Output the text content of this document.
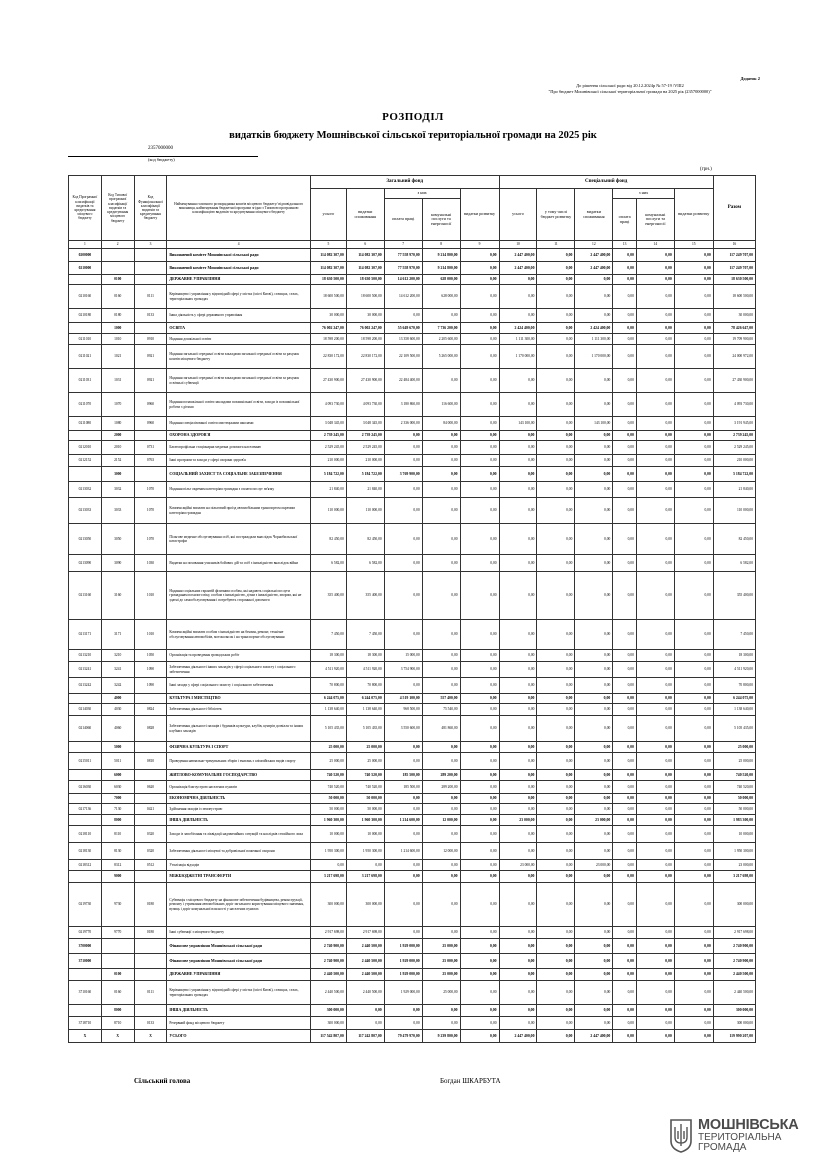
Додаток 2
До рішення сільської ради від 20.12.2024р № 57-19 /VIII2
"Про бюджет Мошнівської сільської територіальної громади на 2025 рік (2357000000)"
РОЗПОДІЛ
видатків бюджету Мошнівської сільської територіальної громади на 2025 рік
2357000000
(код бюджету)
(грн.)
Код Програмної класифікації видатків та кредитування місцевого бюджету	Код Типової програмної класифікації видатків та кредитування місцевого бюджету	Код Функціональної класифікації видатків та кредитування бюджету	Найменування головного розпорядника коштів місцевого бюджету/ відповідального виконавця, найменування бюджетної програми згідно з Типовою програмною класифікацією видатків та кредитування місцевого бюджету	Загальний фонд					Спеціальний фонд						Разом
				усього	видатки споживання	з них		видатки розвитку	усього	у тому числі бюджет розвитку	видатки споживання	з них		видатки розвитку	
						оплата праці	комунальні послуги та енергоносії					оплата праці	комунальні послуги та енергоносії		
1	2	3	4	5	6	7	8	9	10	11	12	13	14	15	16
0200000			Виконавчий комітет Мошнівської сільської ради	114 082 307,00	114 082 307,00	77 558 970,00	9 214 800,00	0,00	2 447 400,00	0,00	2 447 400,00	0,00	0,00	0,00	117 249 707,00
0210000			Виконавчий комітет Мошнівської сільської ради	114 082 307,00	114 082 307,00	77 558 970,00	9 214 800,00	0,00	2 447 400,00	0,00	2 447 400,00	0,00	0,00	0,00	117 249 707,00
	0100		ДЕРЖАВНЕ УПРАВЛІННЯ	18 630 500,00	18 630 500,00	14 612 200,00	628 000,00	0,00	0,00	0,00	0,00	0,00	0,00	0,00	18 630 500,00
0210160	0160	0111	Керівництво і управління у відповідній сфері у містах (місті Києві), селищах, селах, територіальних громадах	18 600 500,00	18 600 500,00	14 612 200,00	628 000,00	0,00	0,00	0,00	0,00	0,00	0,00	0,00	18 600 500,00
0210180	0180	0133	Інша діяльність у сфері державного управління	30 000,00	30 000,00	0,00	0,00	0,00	0,00	0,00	0,00	0,00	0,00	0,00	30 000,00
	1000		ОСВІТА	76 002 247,00	76 002 247,00	55 649 670,00	7 736 200,00	0,00	2 424 400,00	0,00	2 424 400,00	0,00	0,00	0,00	78 426 647,00
0211010	1010	0910	Надання дошкільної освіти	18 598 200,00	18 598 200,00	13 358 600,00	2 205 600,00	0,00	1 111 300,00	0,00	1 111 300,00	0,00	0,00	0,00	19 709 900,00
0211021	1021	0921	Надання загальної середньої освіти закладами загальної середньої освіти за рахунок коштів місцевого бюджету	22 830 172,00	22 830 172,00	22 109 500,00	5 265 000,00	0,00	1 170 000,00	0,00	1 170 000,00	0,00	0,00	0,00	24 000 972,00
0211031	1031	0921	Надання загальної середньої освіти закладами загальної середньої освіти за рахунок освітньої субвенції	27 430 900,00	27 430 900,00	22 484 400,00	0,00	0,00	0,00	0,00	0,00	0,00	0,00	0,00	27 430 900,00
0211070	1070	0960	Надання позашкільної освіти закладами позашкільної освіти, заходи із позашкільної роботи з дітьми	4 093 730,00	4 093 730,00	3 180 860,00	116 600,00	0,00	0,00	0,00	0,00	0,00	0,00	0,00	4 093 730,00
0211080	1080	0960	Надання спеціалізованої освіти мистецькими школами	3 048 345,00	3 048 345,00	2 336 000,00	84 000,00	0,00	143 100,00	0,00	143 100,00	0,00	0,00	0,00	3 191 945,00
	2000		ОХОРОНА ЗДОРОВ'Я	2 739 245,00	2 739 245,00	0,00	0,00	0,00	0,00	0,00	0,00	0,00	0,00	0,00	2 739 245,00
0212010	2010	0731	Багатопрофільна стаціонарна медична допомога населенню	2 529 245,00	2 529 245,00	0,00	0,00	0,00	0,00	0,00	0,00	0,00	0,00	0,00	2 529 245,00
0212152	2152	0763	Інші програми та заходи у сфері охорони здоров'я	210 000,00	210 000,00	0,00	0,00	0,00	0,00	0,00	0,00	0,00	0,00	0,00	210 000,00
	3000		СОЦІАЛЬНИЙ ЗАХИСТ ТА СОЦІАЛЬНЕ ЗАБЕЗПЕЧЕННЯ	5 184 722,00	5 184 722,00	3 769 900,00	0,00	0,00	0,00	0,00	0,00	0,00	0,00	0,00	5 184 722,00
0213032	3032	1070	Надання пільг окремим категоріям громадян з оплати послуг зв'язку	21 840,00	21 840,00	0,00	0,00	0,00	0,00	0,00	0,00	0,00	0,00	0,00	21 840,00
0213033	3033	1070	Компенсаційні виплати на пільговий проїзд автомобільним транспортом окремим категоріям громадян	110 000,00	110 000,00	0,00	0,00	0,00	0,00	0,00	0,00	0,00	0,00	0,00	110 000,00
0213050	3050	1070	Пільгове медичне обслуговування осіб, які постраждали внаслідок Чорнобильської катастрофи	82 450,00	82 450,00	0,00	0,00	0,00	0,00	0,00	0,00	0,00	0,00	0,00	82 450,00
0213090	3090	1030	Видатки на поховання учасників бойових дій та осіб з інвалідністю внаслідок війни	6 582,00	6 582,00	0,00	0,00	0,00	0,00	0,00	0,00	0,00	0,00	0,00	6 582,00
0213160	3160	1010	Надання соціальних гарантій фізичним особам, які надають соціальні послуги громадянам похилого віку, особам з інвалідністю, дітям з інвалідністю, хворим, які не здатні до самообслуговування і потребують сторонньої допомоги	355 400,00	355 400,00	0,00	0,00	0,00	0,00	0,00	0,00	0,00	0,00	0,00	355 400,00
0213171	3171	1010	Компенсаційні виплати особам з інвалідністю на бензин, ремонт, технічне обслуговування автомобілів, мотоколясок і на транспортне обслуговування	7 450,00	7 450,00	0,00	0,00	0,00	0,00	0,00	0,00	0,00	0,00	0,00	7 450,00
0213210	3210	1050	Організація та проведення громадських робіт	18 300,00	18 300,00	15 000,00	0,00	0,00	0,00	0,00	0,00	0,00	0,00	0,00	18 300,00
0213241	3241	1090	Забезпечення діяльності інших закладів у сфері соціального захисту і соціального забезпечення	4 511 920,00	4 511 920,00	3 754 900,00	0,00	0,00	0,00	0,00	0,00	0,00	0,00	0,00	4 511 920,00
0213242	3242	1090	Інші заходи у сфері соціального захисту і соціального забезпечення	70 800,00	70 800,00	0,00	0,00	0,00	0,00	0,00	0,00	0,00	0,00	0,00	70 800,00
	4000		КУЛЬТУРА І МИСТЕЦТВО	6 244 075,00	6 244 075,00	4 519 100,00	557 400,00	0,00	0,00	0,00	0,00	0,00	0,00	0,00	6 244 075,00
0214030	4030	0824	Забезпечення діяльності бібліотек	1 138 640,00	1 138 640,00	968 500,00	75 540,00	0,00	0,00	0,00	0,00	0,00	0,00	0,00	1 138 640,00
0214060	4060	0828	Забезпечення діяльності палаців i будинків культури, клубів, центрів дозвілля та iнших клубних закладів	5 105 435,00	5 105 435,00	3 550 600,00	481 860,00	0,00	0,00	0,00	0,00	0,00	0,00	0,00	5 105 435,00
	5000		ФІЗИЧНА КУЛЬТУРА І СПОРТ	25 000,00	25 000,00	0,00	0,00	0,00	0,00	0,00	0,00	0,00	0,00	0,00	25 000,00
0215011	5011	0810	Проведення навчально-тренувальних зборів і змагань з олімпійських видів спорту	25 000,00	25 000,00	0,00	0,00	0,00	0,00	0,00	0,00	0,00	0,00	0,00	25 000,00
	6000		ЖИТЛОВО-КОМУНАЛЬНЕ ГОСПОДАРСТВО	740 520,00	740 520,00	185 500,00	289 200,00	0,00	0,00	0,00	0,00	0,00	0,00	0,00	740 520,00
0216030	6030	0620	Організація благоустрою населених пунктів	740 520,00	740 520,00	185 500,00	289 200,00	0,00	0,00	0,00	0,00	0,00	0,00	0,00	740 520,00
	7000		ЕКОНОМІЧНА ДІЯЛЬНІСТЬ	50 000,00	50 000,00	0,00	0,00	0,00	0,00	0,00	0,00	0,00	0,00	0,00	50 000,00
0217136	7130	0421	Здійснення заходів із землеустрою	50 000,00	50 000,00	0,00	0,00	0,00	0,00	0,00	0,00	0,00	0,00	0,00	50 000,00
	8000		ІНША ДІЯЛЬНІСТЬ	1 960 300,00	1 960 300,00	1 214 600,00	12 000,00	0,00	23 000,00	0,00	23 000,00	0,00	0,00	0,00	1 983 300,00
0218110	8110	0320	Заходи із запобігання та ліквідації надзвичайних ситуацій та наслідків стихійного лиха	10 000,00	10 000,00	0,00	0,00	0,00	0,00	0,00	0,00	0,00	0,00	0,00	10 000,00
0218130	8130	0320	Забезпечення діяльності місцевої та добровільної пожежної охорони	1 950 300,00	1 950 300,00	1 214 600,00	12 000,00	0,00	0,00	0,00	0,00	0,00	0,00	0,00	1 950 300,00
0218312	8312	0512	Утилізація відходів	0,00	0,00	0,00	0,00	0,00	23 000,00	0,00	23 000,00	0,00	0,00	0,00	23 000,00
	9000		МІЖБЮДЖЕТНІ ТРАНСФЕРТИ	3 217 698,00	3 217 698,00	0,00	0,00	0,00	0,00	0,00	0,00	0,00	0,00	0,00	3 217 698,00
0219730	9730	0180	Субвенція з місцевого бюджету на фінансове забезпечення будівництва, реконструкції, ремонту і утримання автомобільних доріг загального користування місцевого значення, вулиць і доріг комунальної власності у населених пунктах	300 000,00	300 000,00	0,00	0,00	0,00	0,00	0,00	0,00	0,00	0,00	0,00	300 000,00
0219770	9770	0180	Інші субвенції з місцевого бюджету	2 917 698,00	2 917 698,00	0,00	0,00	0,00	0,00	0,00	0,00	0,00	0,00	0,00	2 917 698,00
3700000			Фінансове управління Мошнівської сільської ради	2 740 900,00	2 440 500,00	1 929 000,00	25 000,00	0,00	0,00	0,00	0,00	0,00	0,00	0,00	2 740 900,00
3710000			Фінансове управління Мошнівської сільської ради	2 740 900,00	2 440 500,00	1 929 000,00	25 000,00	0,00	0,00	0,00	0,00	0,00	0,00	0,00	2 740 900,00
	0100		ДЕРЖАВНЕ УПРАВЛІННЯ	2 440 500,00	2 440 500,00	1 929 000,00	25 000,00	0,00	0,00	0,00	0,00	0,00	0,00	0,00	2 440 500,00
3710160	0160	0111	Керівництво і управління у відповідній сфері у містах (місті Києві), селищах, селах, територіальних громадах	2 440 500,00	2 440 500,00	1 929 000,00	25 000,00	0,00	0,00	0,00	0,00	0,00	0,00	0,00	2 440 500,00
	8000		ІНША ДІЯЛЬНІСТЬ	300 000,00	0,00	0,00	0,00	0,00	0,00	0,00	0,00	0,00	0,00	0,00	300 000,00
3718710	8710	0133	Резервний фонд місцевого бюджету	300 000,00	0,00	0,00	0,00	0,00	0,00	0,00	0,00	0,00	0,00	0,00	300 000,00
X	X	X	УСЬОГО	117 542 807,00	117 242 807,00	79 479 970,00	9 239 800,00	0,00	2 447 400,00	0,00	2 447 400,00	0,00	0,00	0,00	119 990 207,00
Сільський голова	Богдан ШКАРБУТА
МОШНІВСЬКА
ТЕРИТОРІАЛЬНА
ГРОМАДА
